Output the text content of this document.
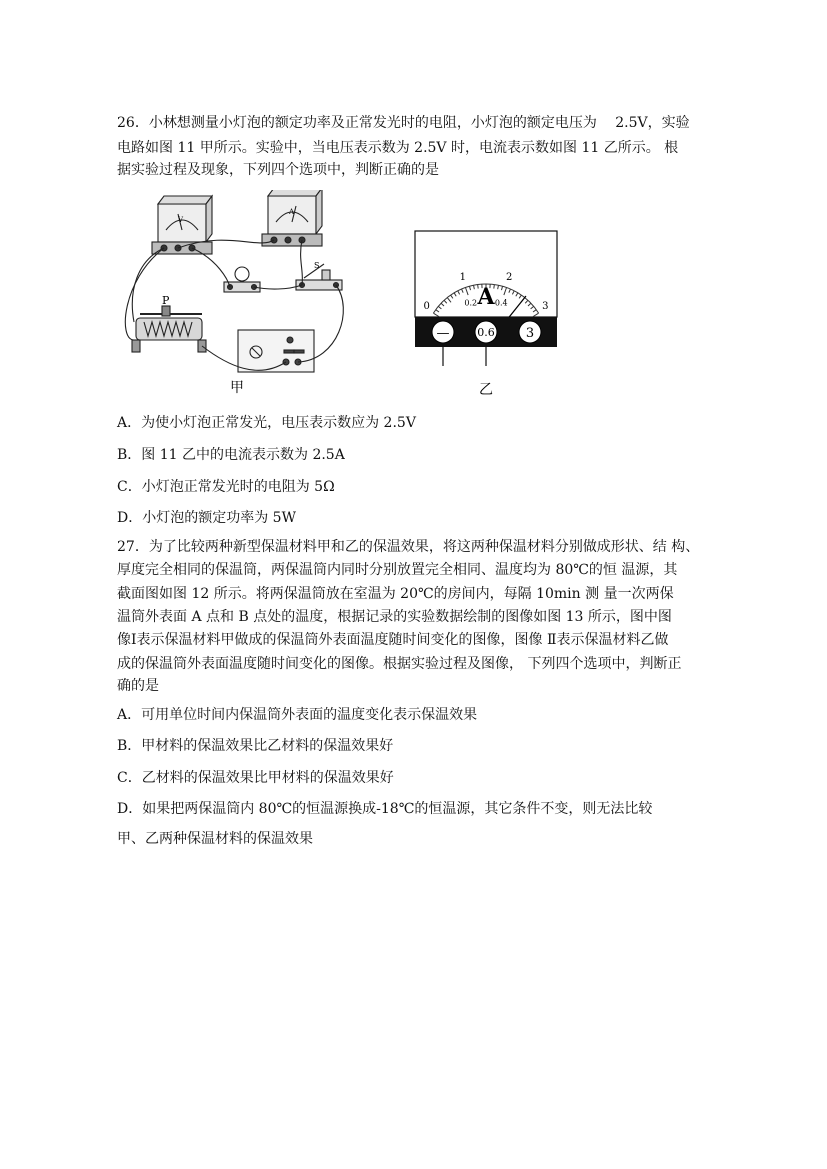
26．小林想测量小灯泡的额定功率及正常发光时的电阻，小灯泡的额定电压为　 2.5V，实验
电路如图 11 甲所示。实验中，当电压表示数为 2.5V 时，电流表示数如图 11 乙所示。 根
据实验过程及现象，下列四个选项中，判断正确的是
P
V
A
S
甲
A
0
1	2
3
0.2 0.4
—	0.6 3
乙
A．为使小灯泡正常发光，电压表示数应为 2.5V
B．图 11 乙中的电流表示数为 2.5A
C．小灯泡正常发光时的电阻为 5Ω
D．小灯泡的额定功率为 5W
27．为了比较两种新型保温材料甲和乙的保温效果，将这两种保温材料分别做成形状、结 构、
厚度完全相同的保温筒，两保温筒内同时分别放置完全相同、温度均为 80℃的恒 温源，其
截面图如图 12 所示。将两保温筒放在室温为 20℃的房间内，每隔 10min 测 量一次两保
温筒外表面 A 点和 B 点处的温度，根据记录的实验数据绘制的图像如图 13 所示，图中图
像Ⅰ表示保温材料甲做成的保温筒外表面温度随时间变化的图像，图像 Ⅱ表示保温材料乙做
成的保温筒外表面温度随时间变化的图像。根据实验过程及图像， 下列四个选项中，判断正
确的是
A．可用单位时间内保温筒外表面的温度变化表示保温效果
B．甲材料的保温效果比乙材料的保温效果好
C．乙材料的保温效果比甲材料的保温效果好
D．如果把两保温筒内 80℃的恒温源换成-18℃的恒温源，其它条件不变，则无法比较
甲、乙两种保温材料的保温效果
